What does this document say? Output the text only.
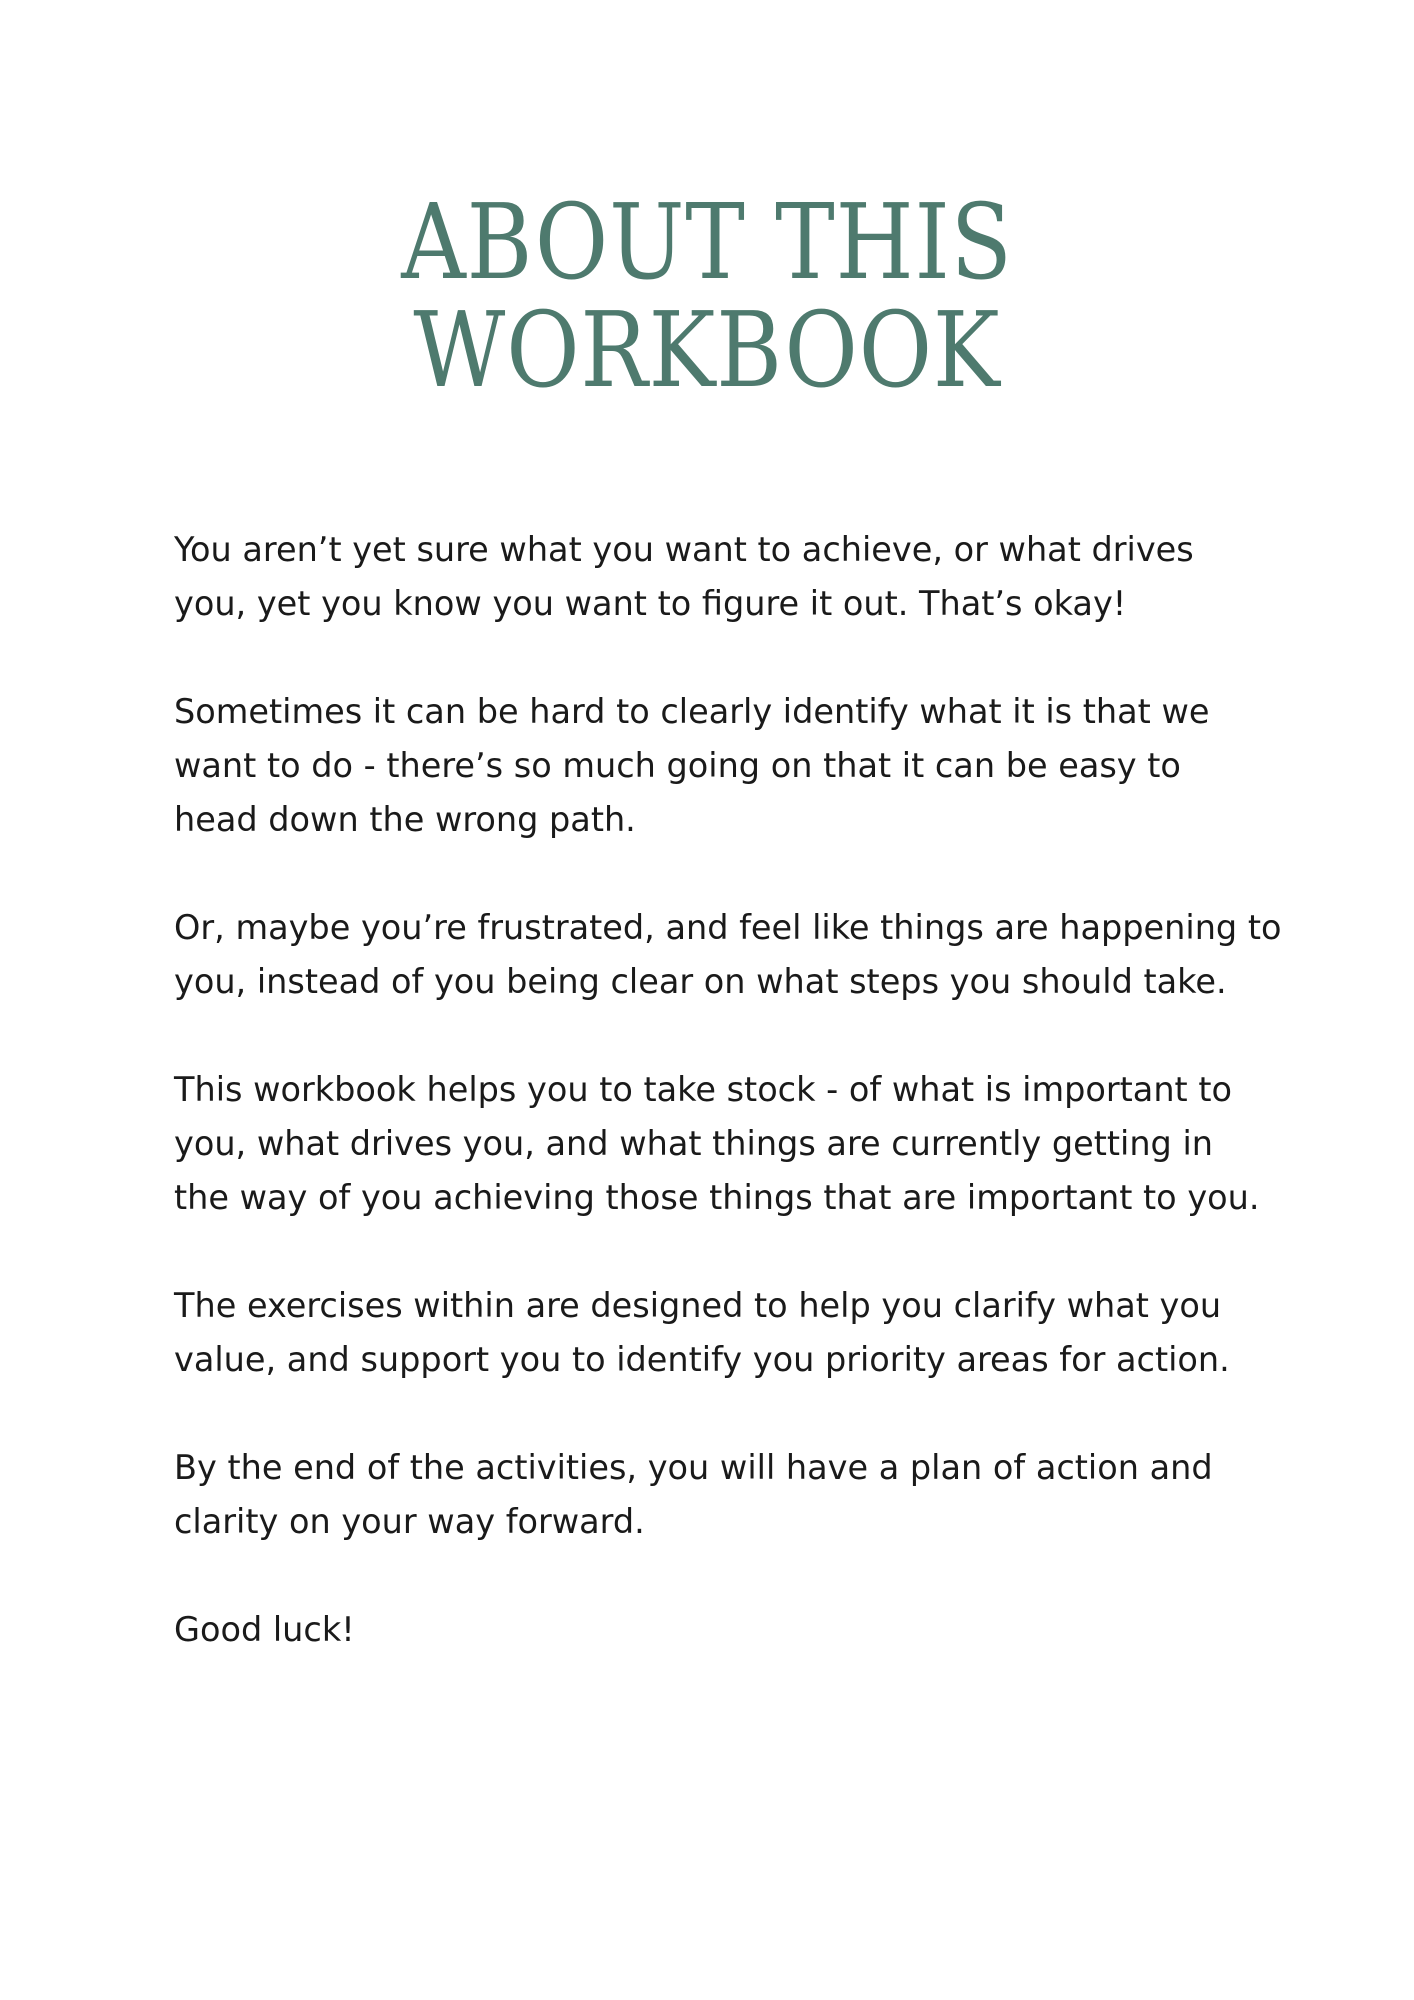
ABOUT THIS
WORKBOOK

You aren’t yet sure what you want to achieve, or what drives
you, yet you know you want to figure it out. That’s okay!

Sometimes it can be hard to clearly identify what it is that we
want to do - there’s so much going on that it can be easy to
head down the wrong path.

Or, maybe you’re frustrated, and feel like things are happening to
you, instead of you being clear on what steps you should take.

This workbook helps you to take stock - of what is important to
you, what drives you, and what things are currently getting in
the way of you achieving those things that are important to you.

The exercises within are designed to help you clarify what you
value, and support you to identify you priority areas for action.

By the end of the activities, you will have a plan of action and
clarity on your way forward.

Good luck!
